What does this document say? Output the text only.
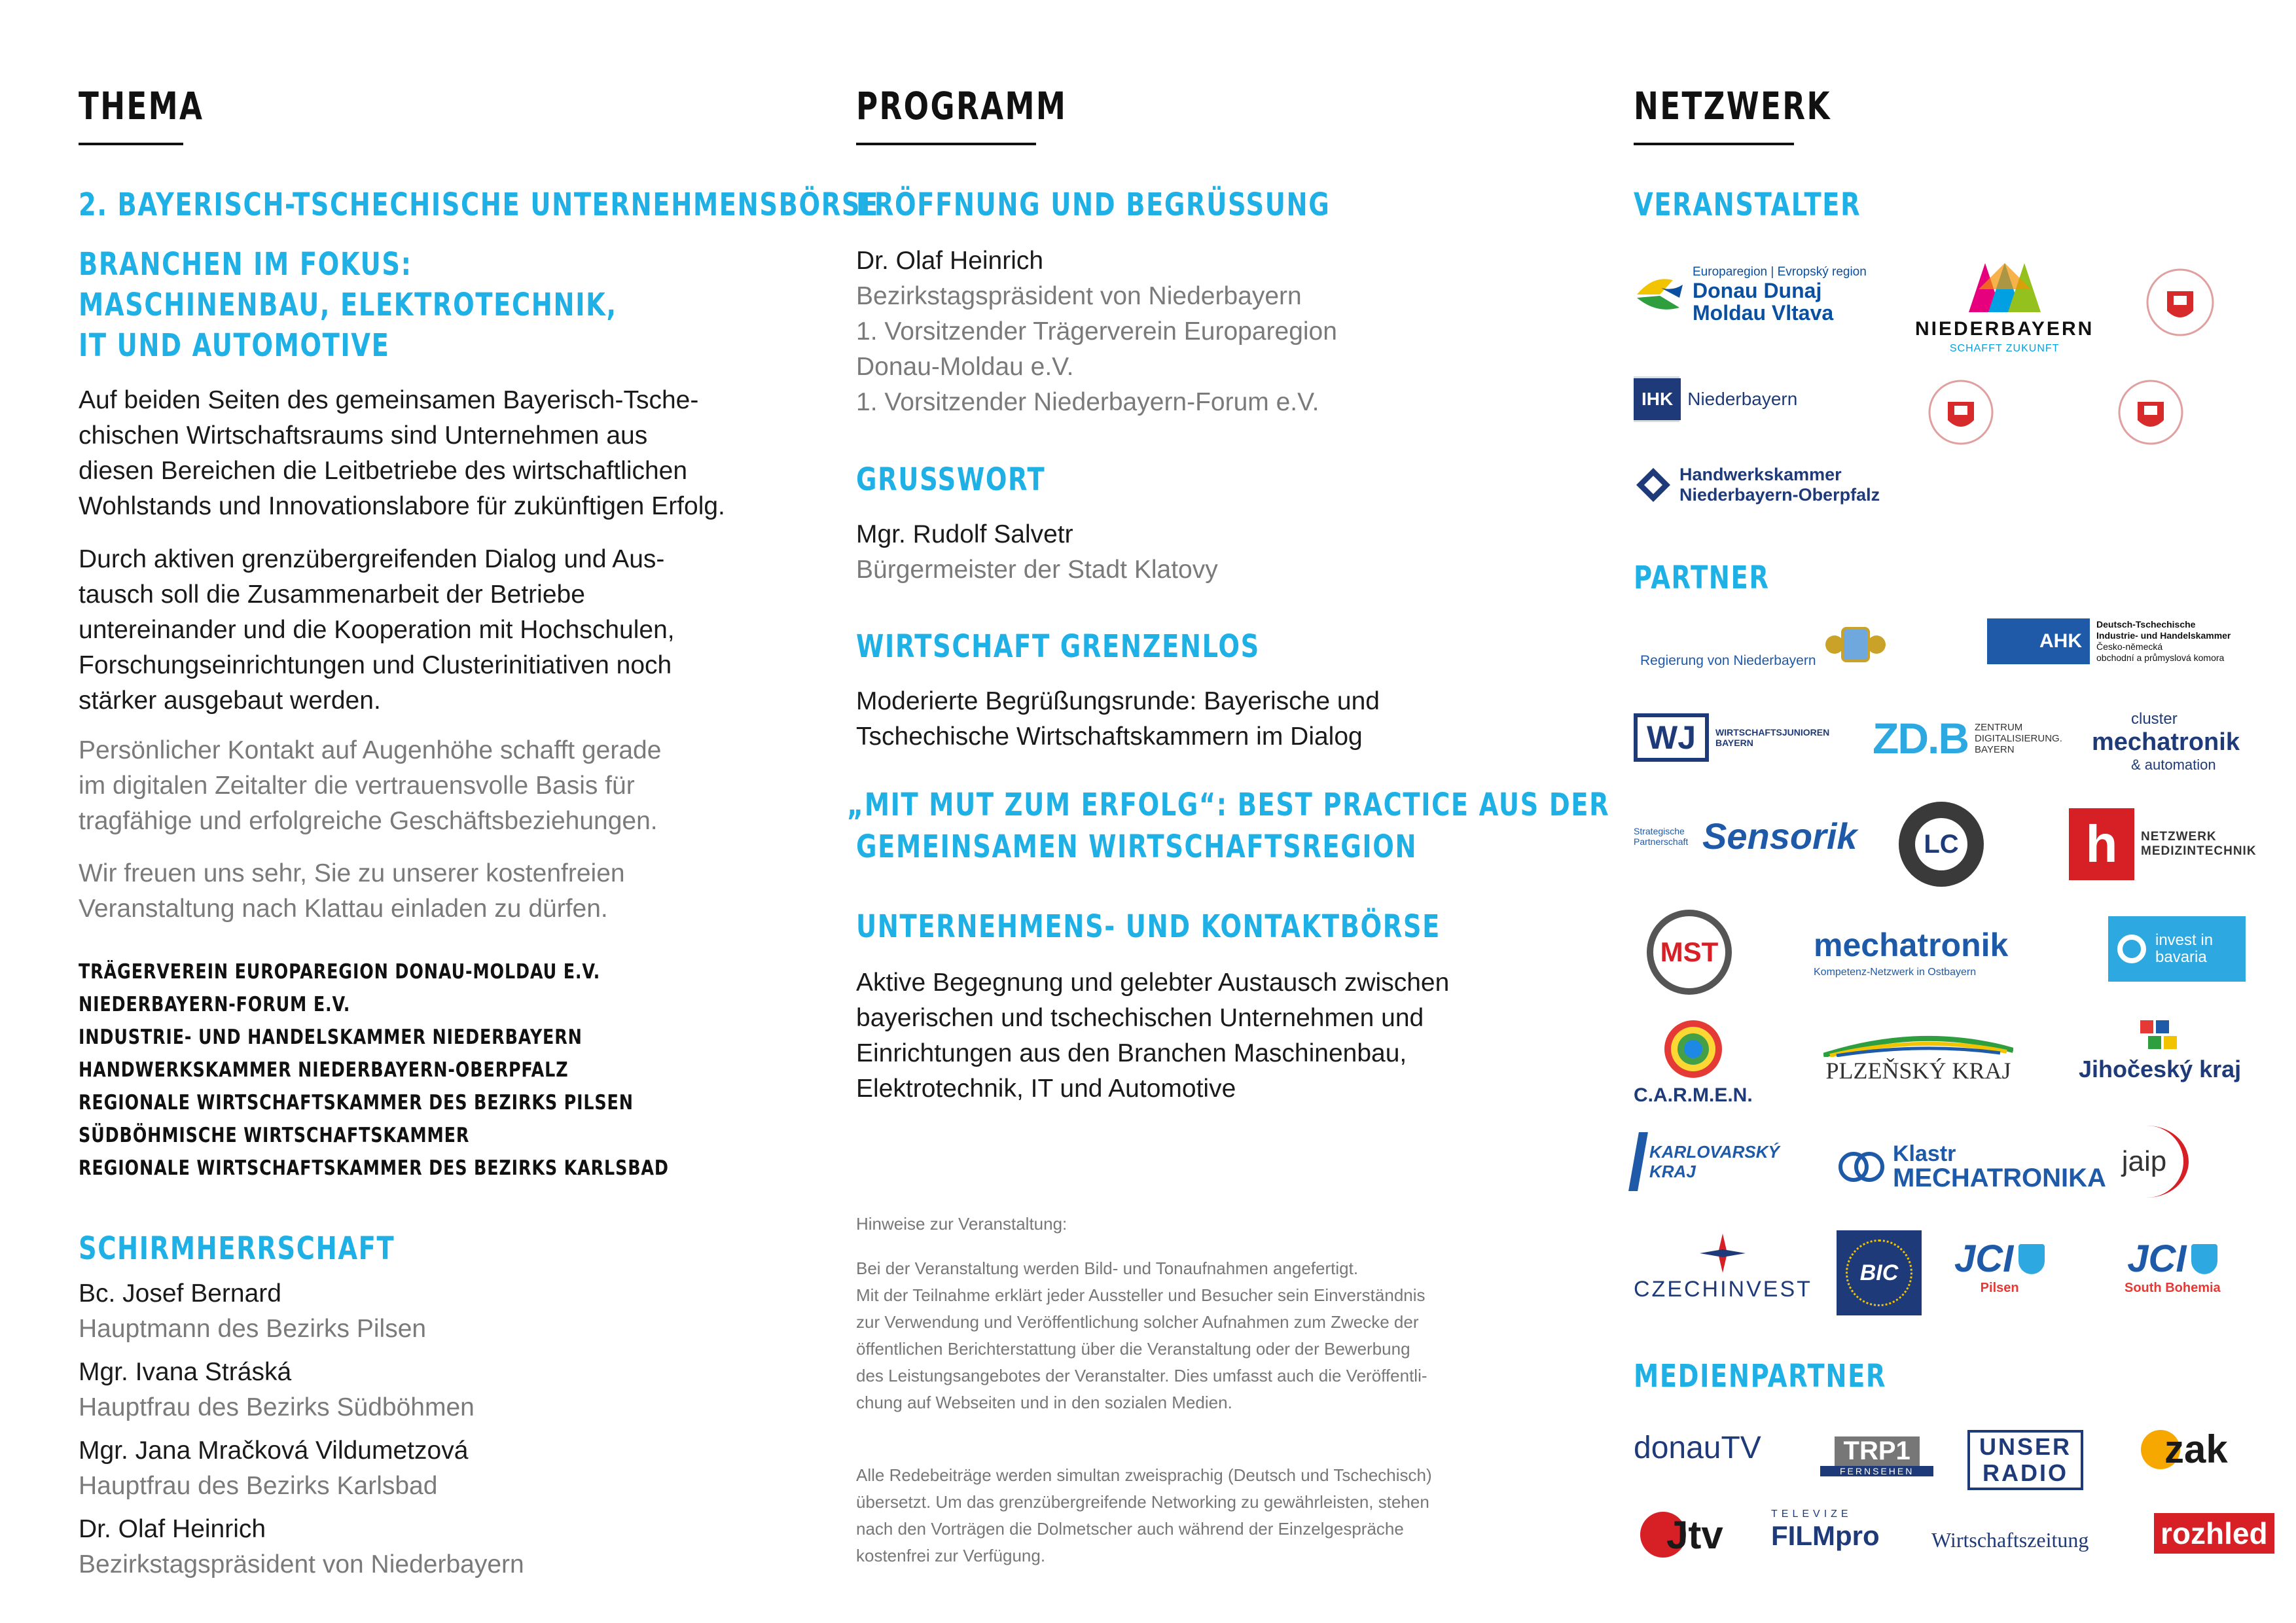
THEMA
2. BAYERISCH-TSCHECHISCHE UNTERNEHMENSBÖRSE
BRANCHEN IM FOKUS:
MASCHINENBAU, ELEKTROTECHNIK,
IT UND AUTOMOTIVE
Auf beiden Seiten des gemeinsamen Bayerisch-Tsche-
chischen Wirtschaftsraums sind Unternehmen aus
diesen Bereichen die Leitbetriebe des wirtschaftlichen
Wohlstands und Innovationslabore für zukünftigen Erfolg.
Durch aktiven grenzübergreifenden Dialog und Aus-
tausch soll die Zusammenarbeit der Betriebe
untereinander und die Kooperation mit Hochschulen,
Forschungseinrichtungen und Clusterinitiativen noch
stärker ausgebaut werden.
Persönlicher Kontakt auf Augenhöhe schafft gerade
im digitalen Zeitalter die vertrauensvolle Basis für
tragfähige und erfolgreiche Geschäftsbeziehungen.
Wir freuen uns sehr, Sie zu unserer kostenfreien
Veranstaltung nach Klattau einladen zu dürfen.
TRÄGERVEREIN EUROPAREGION DONAU-MOLDAU E.V.
NIEDERBAYERN-FORUM E.V.
INDUSTRIE- UND HANDELSKAMMER NIEDERBAYERN
HANDWERKSKAMMER NIEDERBAYERN-OBERPFALZ
REGIONALE WIRTSCHAFTSKAMMER DES BEZIRKS PILSEN
SÜDBÖHMISCHE WIRTSCHAFTSKAMMER
REGIONALE WIRTSCHAFTSKAMMER DES BEZIRKS KARLSBAD
SCHIRMHERRSCHAFT
Bc. Josef Bernard
Hauptmann des Bezirks Pilsen
Mgr. Ivana Stráská
Hauptfrau des Bezirks Südböhmen
Mgr. Jana Mračková Vildumetzová
Hauptfrau des Bezirks Karlsbad
Dr. Olaf Heinrich
Bezirkstagspräsident von Niederbayern
PROGRAMM
ERÖFFNUNG UND BEGRÜSSUNG
Dr. Olaf Heinrich
Bezirkstagspräsident von Niederbayern
1. Vorsitzender Trägerverein Europaregion
Donau-Moldau e.V.
1. Vorsitzender Niederbayern-Forum e.V.
GRUSSWORT
Mgr. Rudolf Salvetr
Bürgermeister der Stadt Klatovy
WIRTSCHAFT GRENZENLOS
Moderierte Begrüßungsrunde: Bayerische und
Tschechische Wirtschaftskammern im Dialog
„MIT MUT ZUM ERFOLG“: BEST PRACTICE AUS DER
GEMEINSAMEN WIRTSCHAFTSREGION
UNTERNEHMENS- UND KONTAKTBÖRSE
Aktive Begegnung und gelebter Austausch zwischen
bayerischen und tschechischen Unternehmen und
Einrichtungen aus den Branchen Maschinenbau,
Elektrotechnik, IT und Automotive
Hinweise zur Veranstaltung:
Bei der Veranstaltung werden Bild- und Tonaufnahmen angefertigt.
Mit der Teilnahme erklärt jeder Aussteller und Besucher sein Einverständnis
zur Verwendung und Veröffentlichung solcher Aufnahmen zum Zwecke der
öffentlichen Berichterstattung über die Veranstaltung oder der Bewerbung
des Leistungsangebotes der Veranstalter. Dies umfasst auch die Veröffentli-
chung auf Webseiten und in den sozialen Medien.
Alle Redebeiträge werden simultan zweisprachig (Deutsch und Tschechisch)
übersetzt. Um das grenzübergreifende Networking zu gewährleisten, stehen
nach den Vorträgen die Dolmetscher auch während der Einzelgespräche
kostenfrei zur Verfügung.
NETZWERK
VERANSTALTER
Europaregion | Evropský region
Donau Dunaj
Moldau Vltava
NIEDERBAYERN
SCHAFFT ZUKUNFT
IHK Niederbayern
Handwerkskammer
Niederbayern-Oberpfalz
PARTNER
Regierung von Niederbayern
AHK
Deutsch-Tschechische
Industrie- und Handelskammer
Česko-německá
obchodní a průmyslová komora
WJ	WIRTSCHAFTSJUNIOREN BAYERN	ZD.B ZENTRUM DIGITALISIERUNG. BAYERN
cluster
mechatronik
& automation
Strategische Partnerschaft Sensorik	LC	h	NETZWERK MEDIZINTECHNIK
MST	mechatronik
Kompetenz-Netzwerk in Ostbayern
invest in bavaria
C.A.R.M.E.N.
PLZEŇSKÝ KRAJ	Jihočeský kraj
KARLOVARSKÝ KRAJ
Klastr
MECHATRONIKA
jaip
CZECHINVEST
BIC JCI
Pilsen
JCI
South Bohemia
MEDIENPARTNER
donauTV	TRP1
FERNSEHEN
UNSER
RADIO
zak
Jtv	TELEVIZE
FILMpro Wirtschaftszeitung rozhled
